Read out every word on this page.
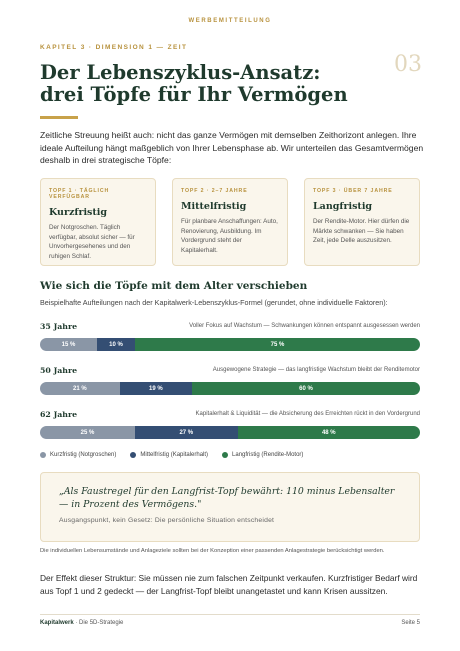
WERBEMITTEILUNG
KAPITEL 3 · DIMENSION 1 — ZEIT
03
Der Lebenszyklus-Ansatz:
drei Töpfe für Ihr Vermögen
Zeitliche Streuung heißt auch: nicht das ganze Vermögen mit demselben Zeithorizont anlegen. Ihre ideale Aufteilung hängt maßgeblich von Ihrer Lebensphase ab. Wir unterteilen das Gesamtvermögen deshalb in drei strategische Töpfe:
TOPF 1 · TÄGLICH VERFÜGBAR
Kurzfristig
Der Notgroschen. Täglich verfügbar, absolut sicher — für Unvorhergesehenes und den ruhigen Schlaf.
TOPF 2 · 2–7 JAHRE
Mittelfristig
Für planbare Anschaffungen: Auto, Renovierung, Ausbildung. Im Vordergrund steht der Kapitalerhalt.
TOPF 3 · ÜBER 7 JAHRE
Langfristig
Der Rendite-Motor. Hier dürfen die Märkte schwanken — Sie haben Zeit, jede Delle auszusitzen.
Wie sich die Töpfe mit dem Alter verschieben
Beispielhafte Aufteilungen nach der Kapitalwerk-Lebenszyklus-Formel (gerundet, ohne individuelle Faktoren):
35 Jahre	Voller Fokus auf Wachstum — Schwankungen können entspannt ausgesessen werden
15 %	10 %	75 %
50 Jahre	Ausgewogene Strategie — das langfristige Wachstum bleibt der Renditemotor
21 %	19 %	60 %
62 Jahre	Kapitalerhalt & Liquidität — die Absicherung des Erreichten rückt in den Vordergrund
25 %	27 %	48 %
Kurzfristig (Notgroschen)	Mittelfristig (Kapitalerhalt)	Langfristig (Rendite-Motor)
„Als Faustregel für den Langfrist-Topf bewährt: 110 minus Lebensalter — in Prozent des Vermögens."
Ausgangspunkt, kein Gesetz: Die persönliche Situation entscheidet
Die individuellen Lebensumstände und Anlageziele sollten bei der Konzeption einer passenden Anlagestrategie berücksichtigt werden.
Der Effekt dieser Struktur: Sie müssen nie zum falschen Zeitpunkt verkaufen. Kurzfristiger Bedarf wird aus Topf 1 und 2 gedeckt — der Langfrist-Topf bleibt unangetastet und kann Krisen aussitzen.
Kapitalwerk · Die 5D-Strategie	Seite 5
